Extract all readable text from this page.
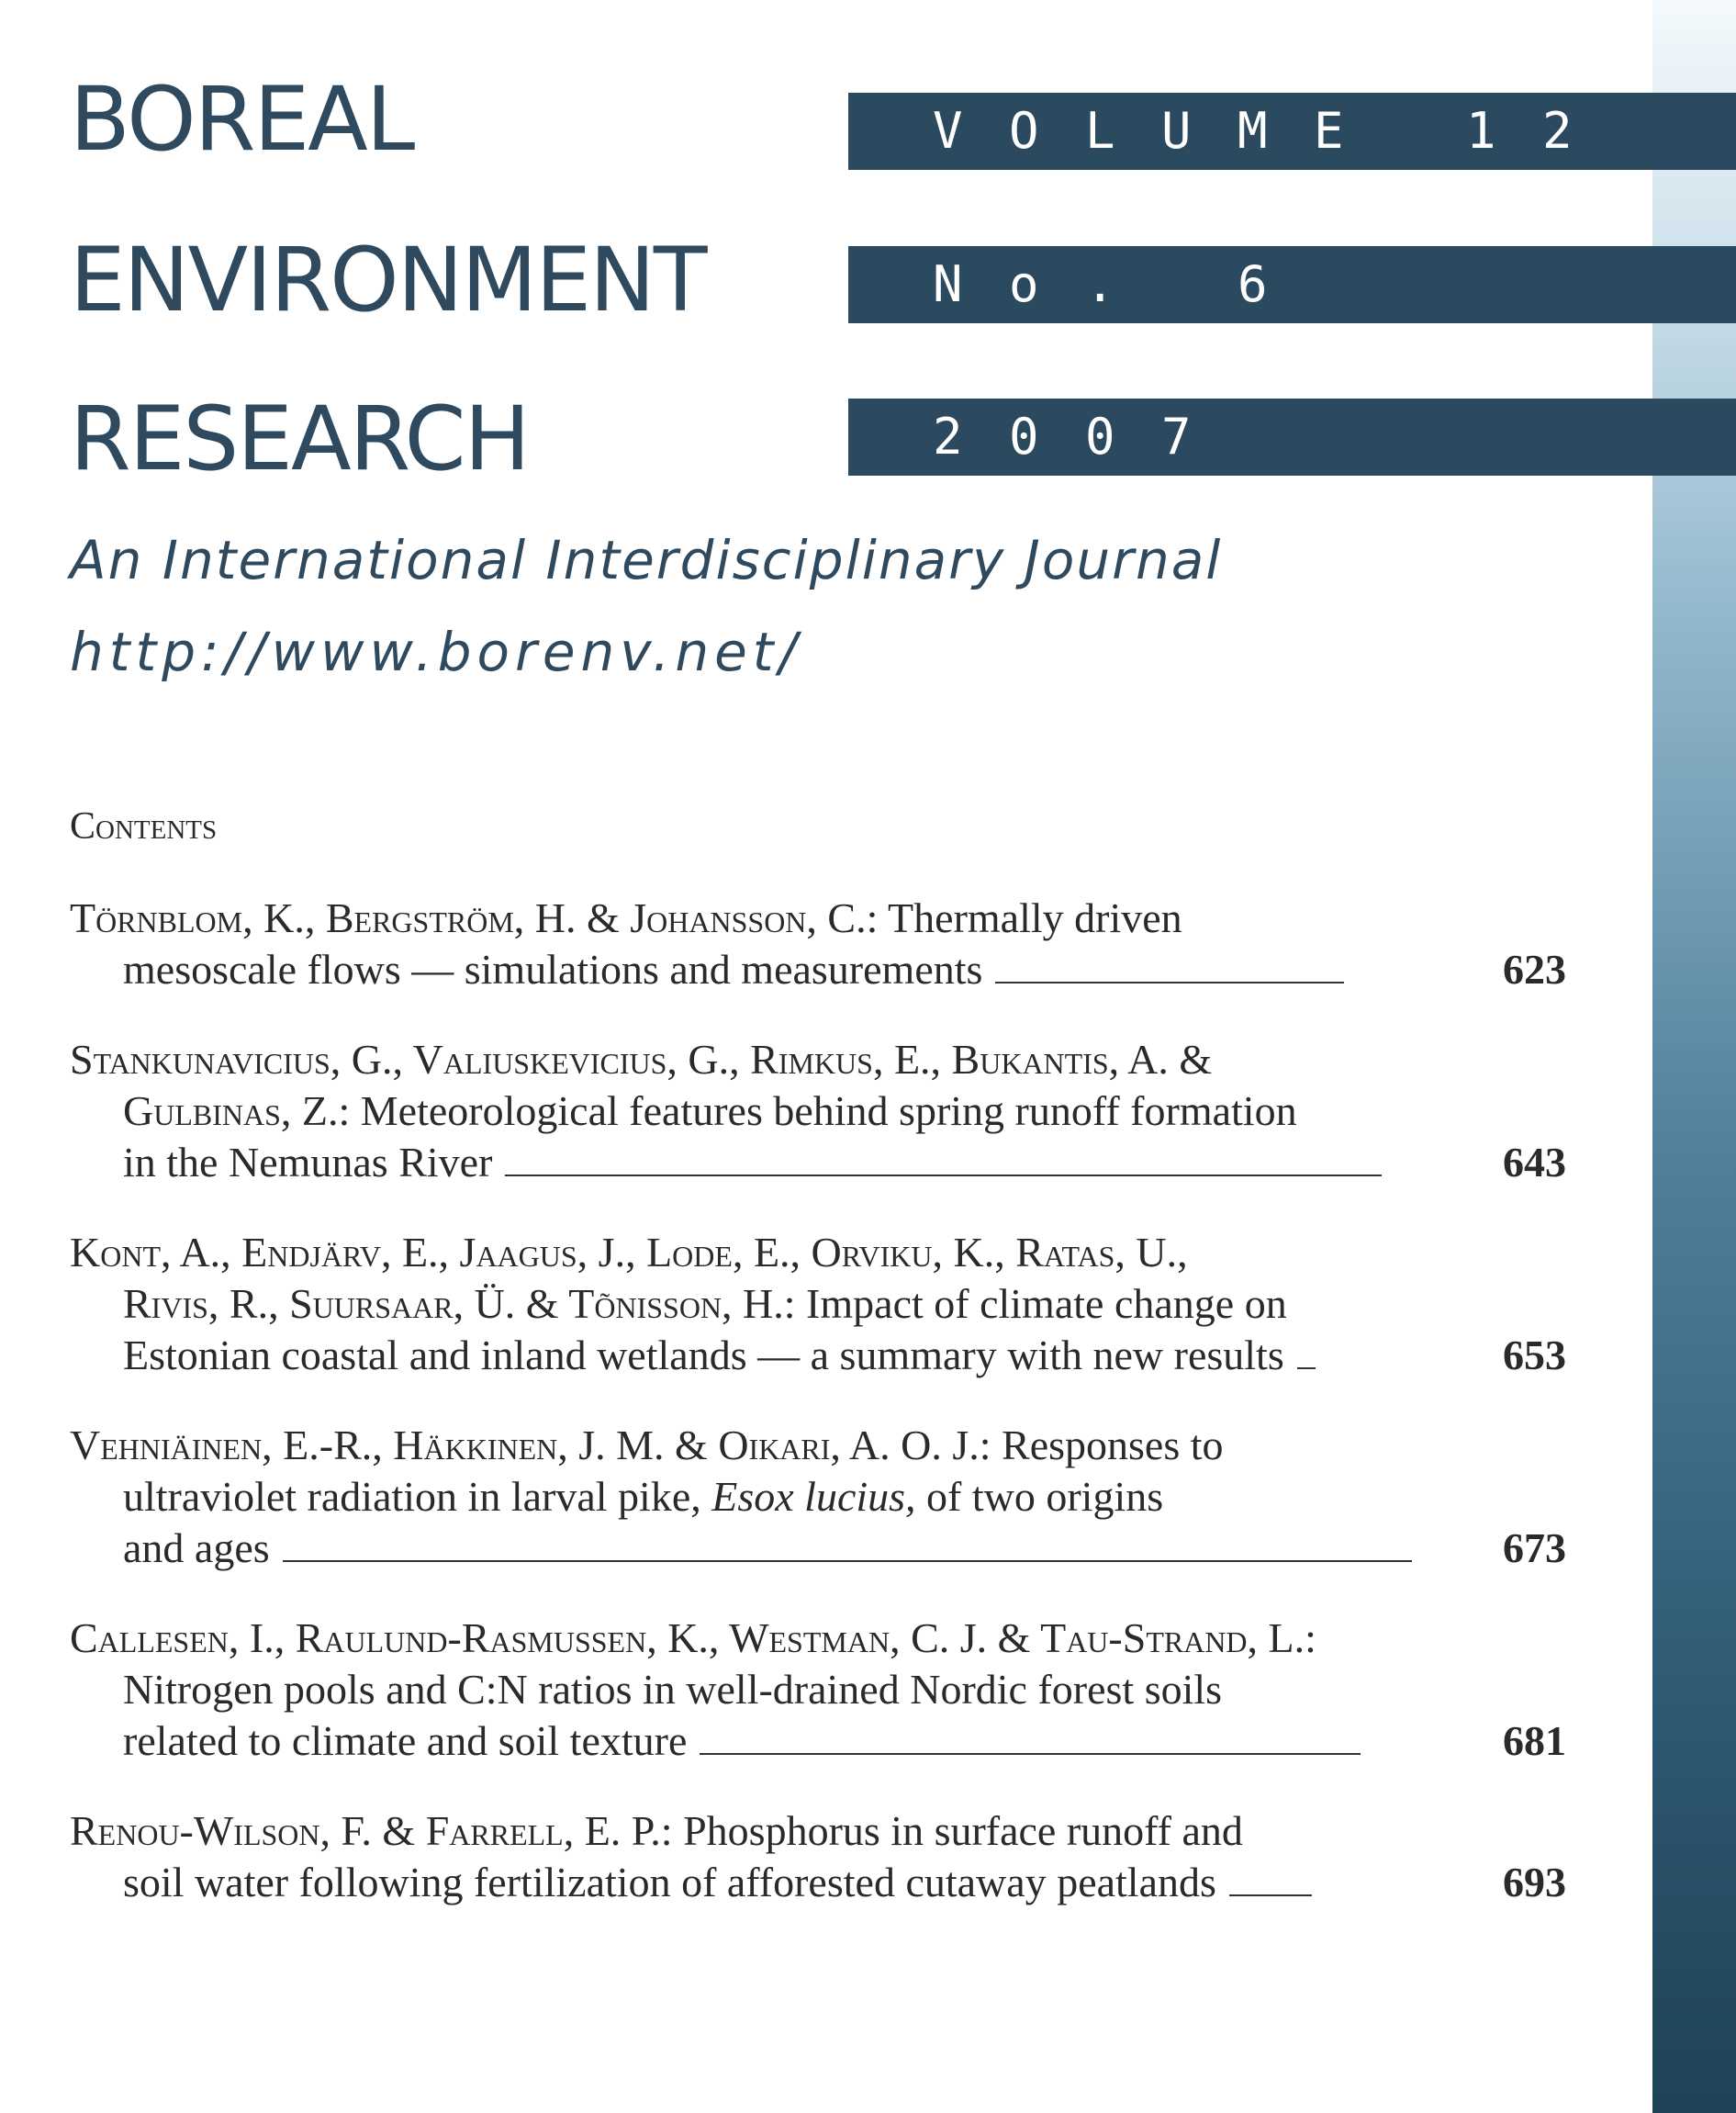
BOREAL
ENVIRONMENT
RESEARCH
V O L U M E 1 2
N o . 6
2 0 0 7

An International Interdisciplinary Journal

http://www.borenv.net/

Contents
Törnblom, K., Bergström, H. & Johansson, C.: Thermally driven
mesoscale flows — simulations and measurements	623
Stankunavicius, G., Valiuskevicius, G., Rimkus, E., Bukantis, A. &
Gulbinas, Z.: Meteorological features behind spring runoff formation
in the Nemunas River	643
Kont, A., Endjärv, E., Jaagus, J., Lode, E., Orviku, K., Ratas, U.,
Rivis, R., Suursaar, Ü. & Tõnisson, H.: Impact of climate change on
Estonian coastal and inland wetlands — a summary with new results	653
Vehniäinen, E.-R., Häkkinen, J. M. & Oikari, A. O. J.: Responses to
ultraviolet radiation in larval pike, Esox lucius, of two origins
and ages	673
Callesen, I., Raulund-Rasmussen, K., Westman, C. J. & Tau-Strand, L.:
Nitrogen pools and C:N ratios in well-drained Nordic forest soils
related to climate and soil texture	681
Renou-Wilson, F. & Farrell, E. P.: Phosphorus in surface runoff and
soil water following fertilization of afforested cutaway peatlands	693
